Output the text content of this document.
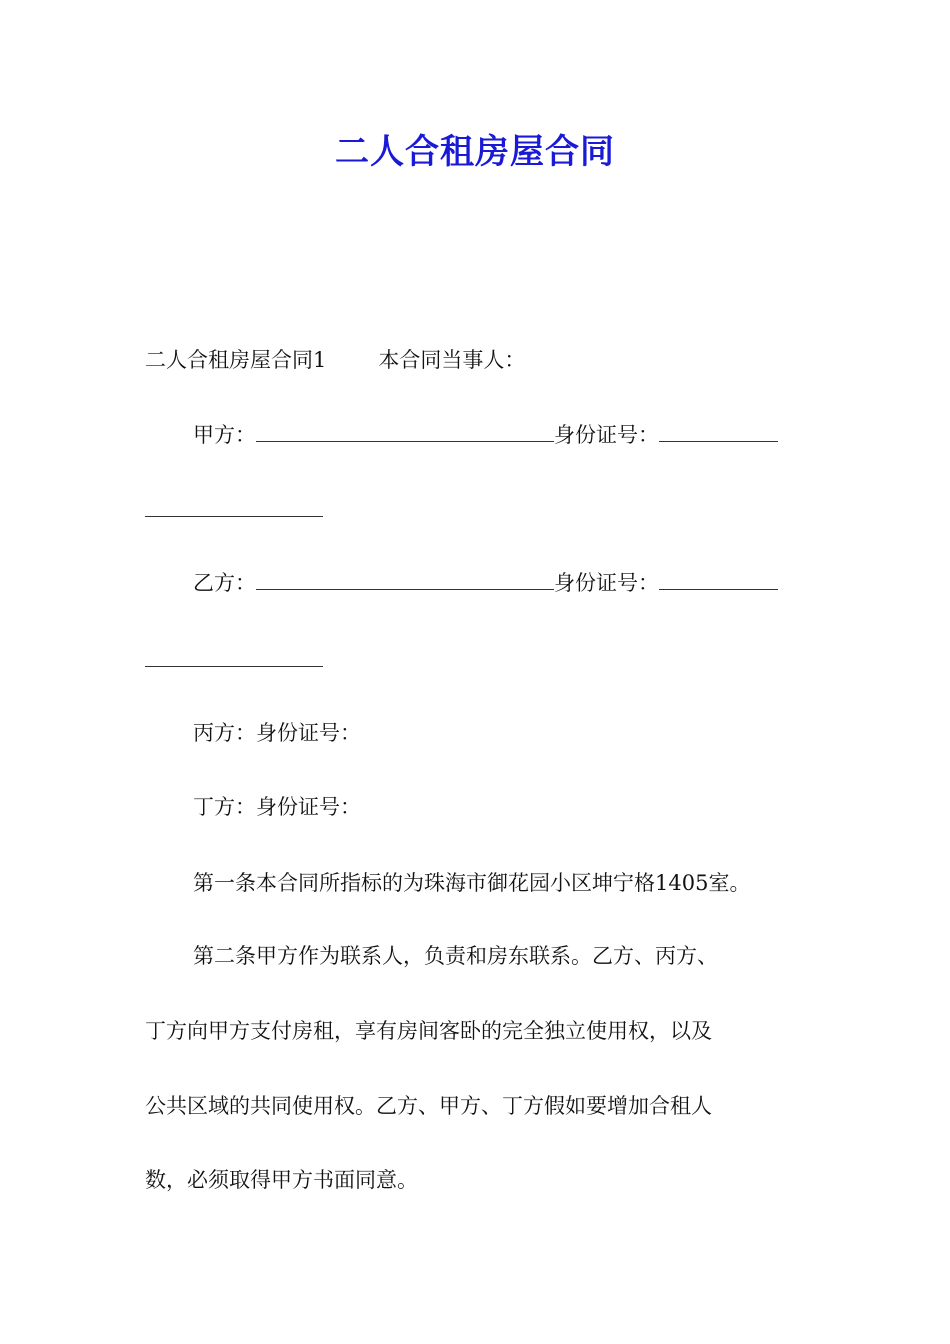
二人合租房屋合同
二人合租房屋合同1 本合同当事人：
甲方：	身份证号：
乙方：	身份证号：
丙方：身份证号：
丁方：身份证号：
第一条本合同所指标的为珠海市御花园小区坤宁格1405室。
第二条甲方作为联系人，负责和房东联系。乙方、丙方、
丁方向甲方支付房租，享有房间客卧的完全独立使用权，以及
公共区域的共同使用权。乙方、甲方、丁方假如要增加合租人
数，必须取得甲方书面同意。
